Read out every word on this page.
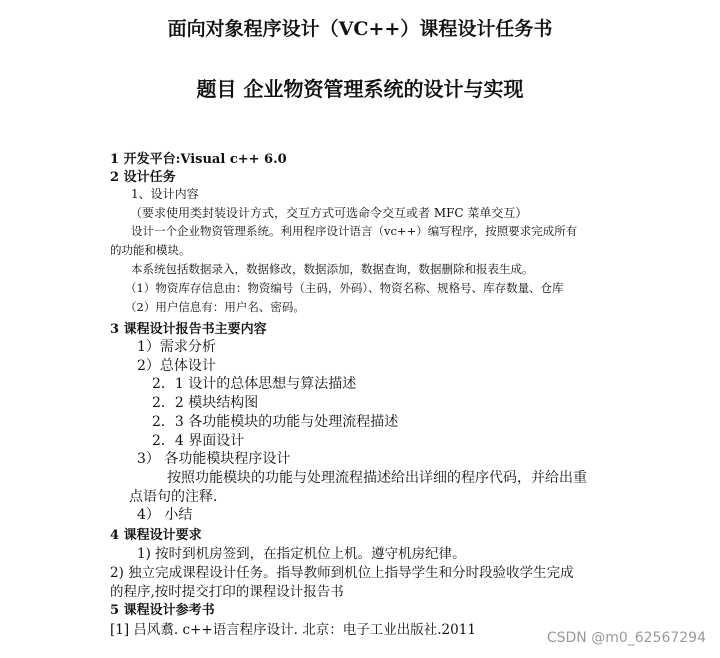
面向对象程序设计（VC++）课程设计任务书
题目 企业物资管理系统的设计与实现
1 开发平台:Visual c++ 6.0
2 设计任务
1、设计内容
（要求使用类封装设计方式，交互方式可选命令交互或者 MFC 菜单交互）
设计一个企业物资管理系统。利用程序设计语言（vc++）编写程序，按照要求完成所有
的功能和模块。
本系统包括数据录入，数据修改，数据添加，数据查询，数据删除和报表生成。
（1）物资库存信息由：物资编号（主码，外码）、物资名称、规格号、库存数量、仓库
（2）用户信息有：用户名、密码。
3 课程设计报告书主要内容
1）需求分析
2）总体设计
2．1 设计的总体思想与算法描述
2．2 模块结构图
2．3 各功能模块的功能与处理流程描述
2．4 界面设计
3） 各功能模块程序设计
按照功能模块的功能与处理流程描述给出详细的程序代码，并给出重
点语句的注释.
4） 小结
4 课程设计要求
1) 按时到机房签到，在指定机位上机。遵守机房纪律。
2) 独立完成课程设计任务。指导教师到机位上指导学生和分时段验收学生完成
的程序,按时提交打印的课程设计报告书
5 课程设计参考书
[1] 吕风翥. c++语言程序设计. 北京：电子工业出版社.2011	CSDN @m0_62567294
